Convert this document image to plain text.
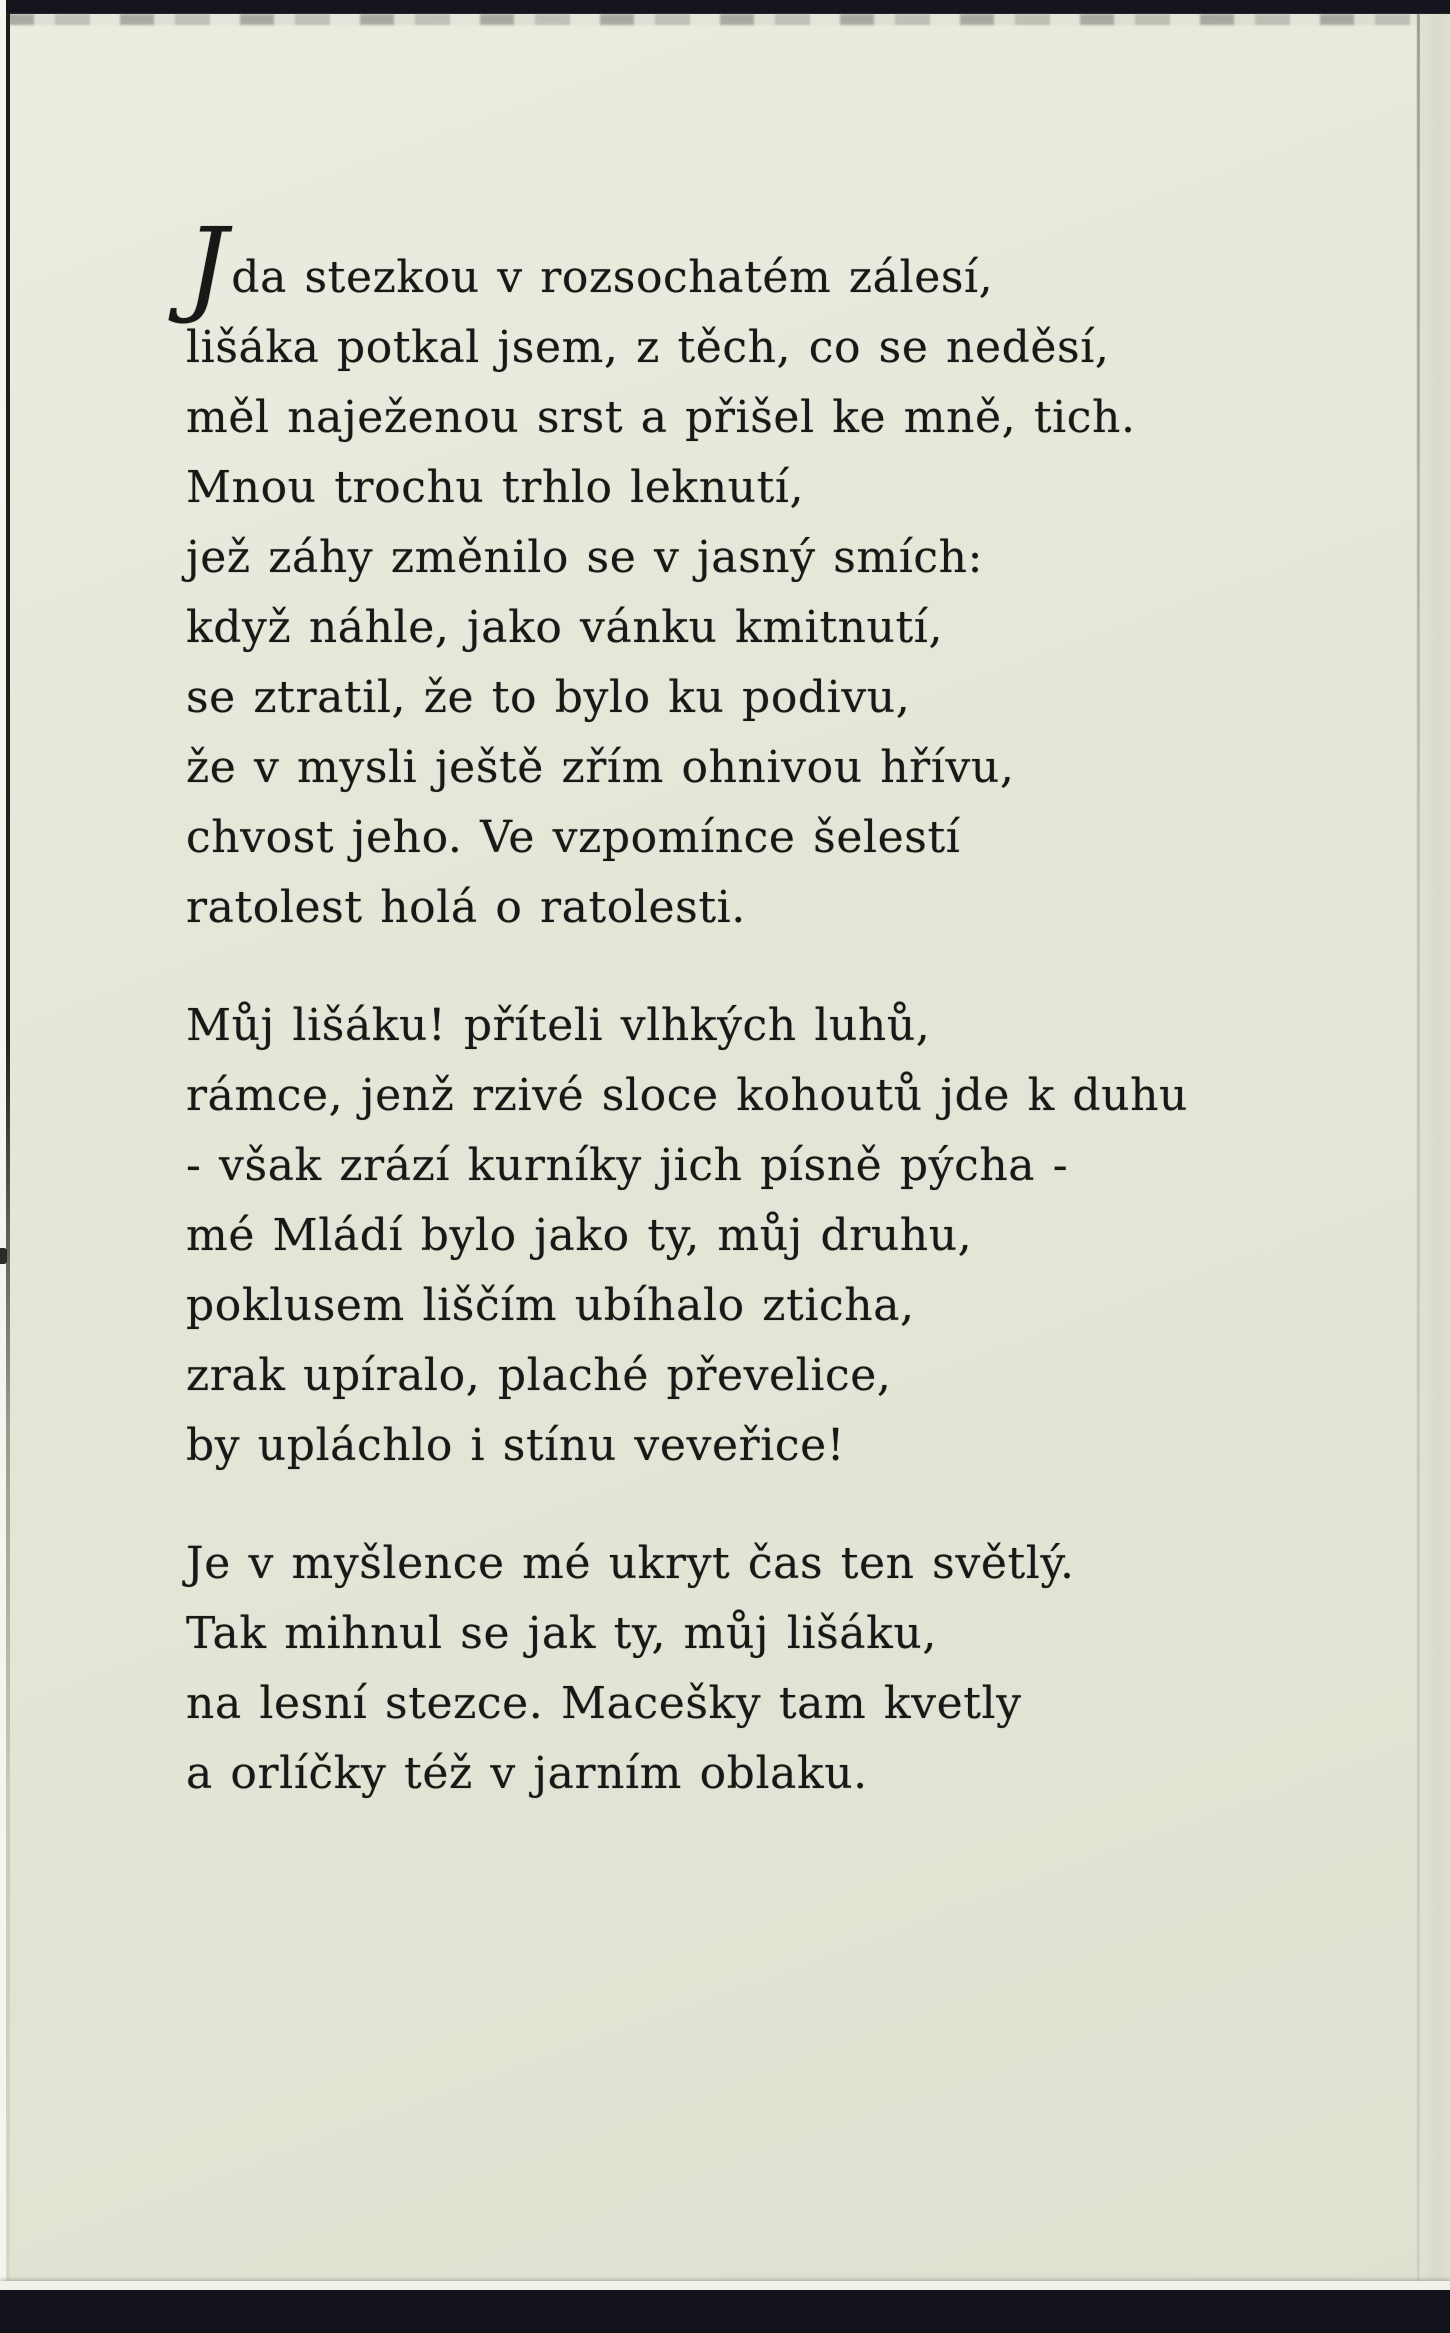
Jda stezkou v rozsochatém zálesí,
lišáka potkal jsem, z těch, co se neděsí,
měl naježenou srst a přišel ke mně, tich.
Mnou trochu trhlo leknutí,
jež záhy změnilo se v jasný smích:
když náhle, jako vánku kmitnutí,
se ztratil, že to bylo ku podivu,
že v mysli ještě zřím ohnivou hřívu,
chvost jeho. Ve vzpomínce šelestí
ratolest holá o ratolesti.
Můj lišáku! příteli vlhkých luhů,
rámce, jenž rzivé sloce kohoutů jde k duhu
- však zrází kurníky jich písně pýcha -
mé Mládí bylo jako ty, můj druhu,
poklusem liščím ubíhalo zticha,
zrak upíralo, plaché převelice,
by upláchlo i stínu veveřice!
Je v myšlence mé ukryt čas ten světlý.
Tak mihnul se jak ty, můj lišáku,
na lesní stezce. Macešky tam kvetly
a orlíčky též v jarním oblaku.
